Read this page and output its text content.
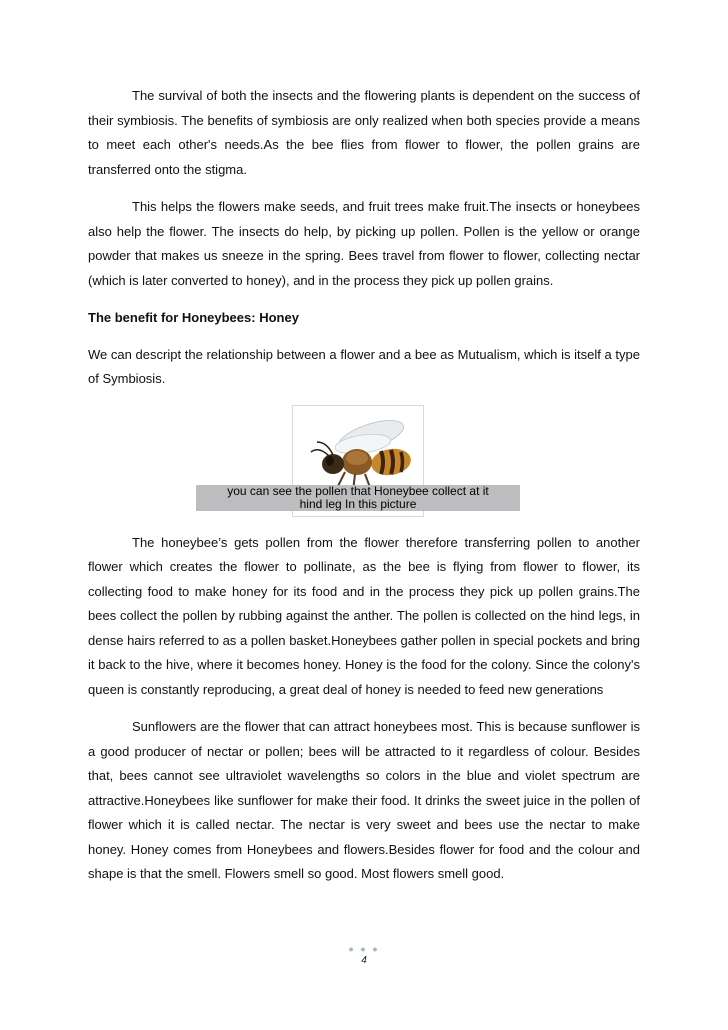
The survival of both the insects and the flowering plants is dependent on the success of their symbiosis. The benefits of symbiosis are only realized when both species provide a means to meet each other's needs.As the bee flies from flower to flower, the pollen grains are transferred onto the stigma.

This helps the flowers make seeds, and fruit trees make fruit.The insects or honeybees also help the flower. The insects do help, by picking up pollen. Pollen is the yellow or orange powder that makes us sneeze in the spring. Bees travel from flower to flower, collecting nectar (which is later converted to honey), and in the process they pick up pollen grains.

The benefit for Honeybees: Honey

We can descript the relationship between a flower and a bee as Mutualism, which is itself a type of Symbiosis.

you can see the pollen that Honeybee collect at it
hind leg In this picture

The honeybee’s gets pollen from the flower therefore transferring pollen to another flower which creates the flower to pollinate, as the bee is flying from flower to flower, its collecting food to make honey for its food and in the process they pick up pollen grains.The bees collect the pollen by rubbing against the anther. The pollen is collected on the hind legs, in dense hairs referred to as a pollen basket.Honeybees gather pollen in special pockets and bring it back to the hive, where it becomes honey. Honey is the food for the colony. Since the colony's queen is constantly reproducing, a great deal of honey is needed to feed new generations

Sunflowers are the flower that can attract honeybees most. This is because sunflower is a good producer of nectar or pollen; bees will be attracted to it regardless of colour. Besides that, bees cannot see ultraviolet wavelengths so colors in the blue and violet spectrum are attractive.Honeybees like sunflower for make their food. It drinks the sweet juice in the pollen of flower which it is called nectar. The nectar is very sweet and bees use the nectar to make honey. Honey comes from Honeybees and flowers.Besides flower for food and the colour and shape is that the smell. Flowers smell so good. Most flowers smell good.

● ● ●
4
